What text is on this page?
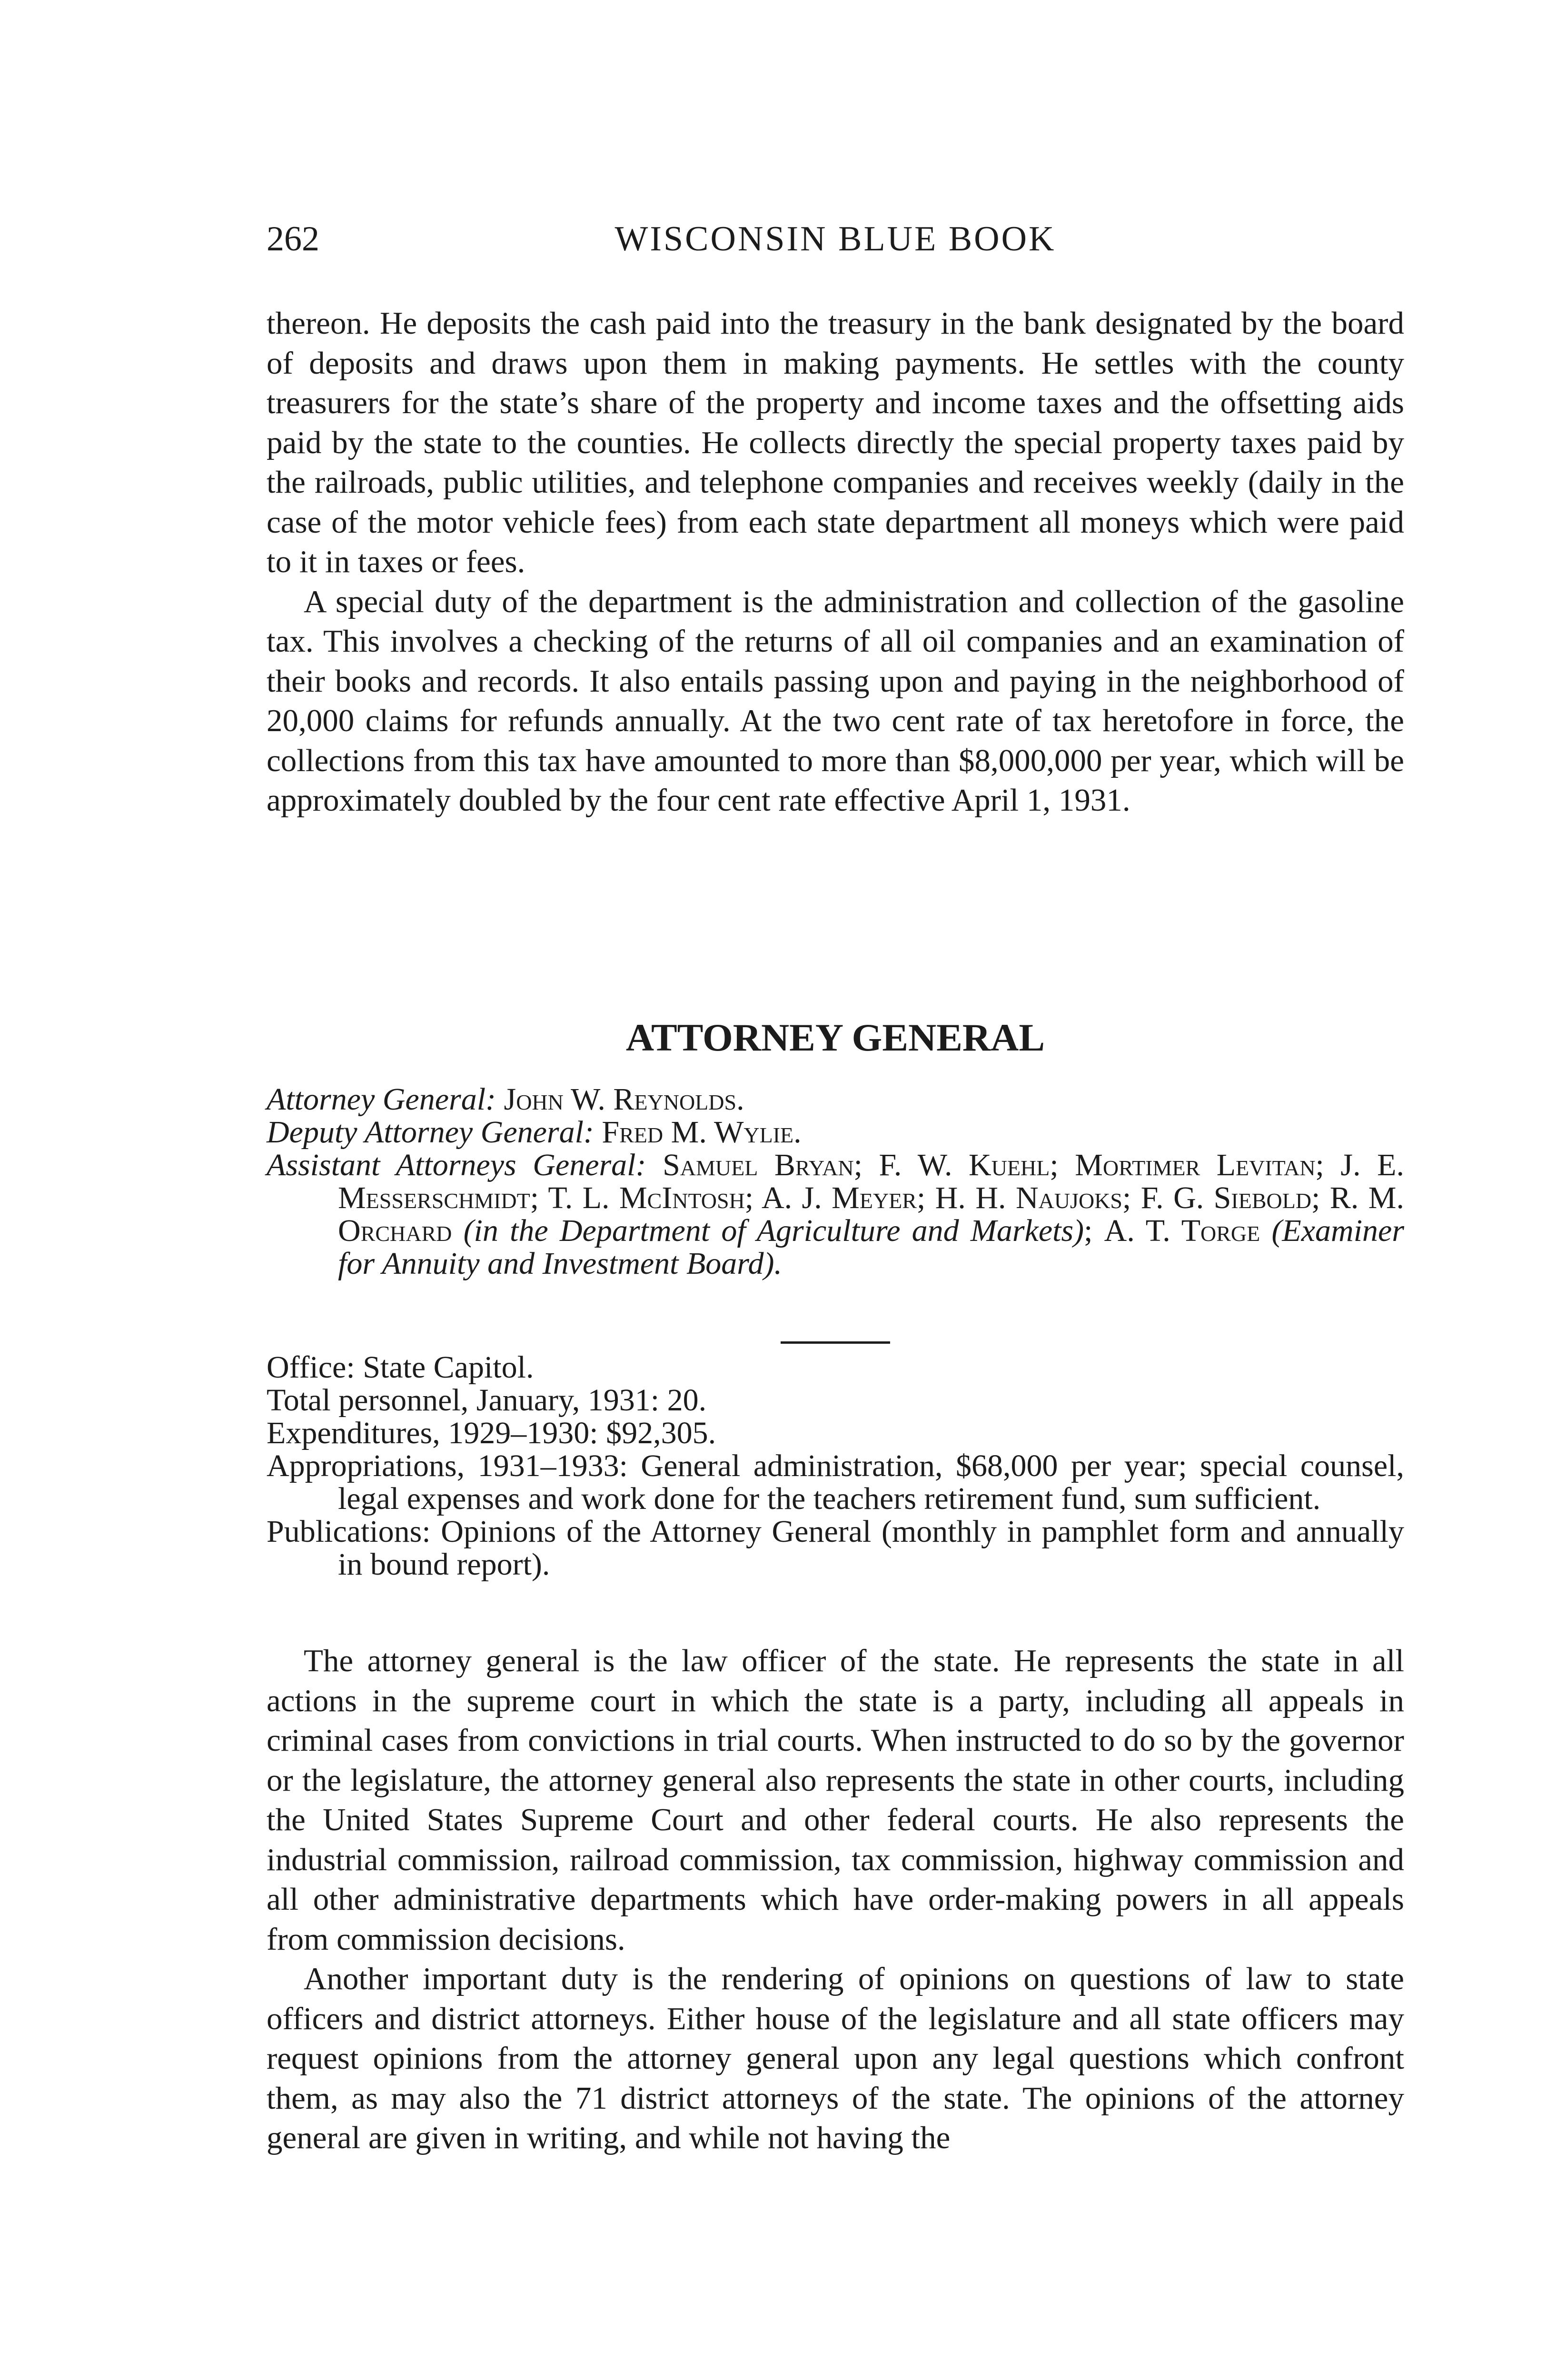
262	WISCONSIN BLUE BOOK

thereon. He deposits the cash paid into the treasury in the bank designated by the board of deposits and draws upon them in making payments. He settles with the county treasurers for the state’s share of the property and income taxes and the offsetting aids paid by the state to the counties. He collects directly the special property taxes paid by the railroads, public utilities, and telephone companies and receives weekly (daily in the case of the motor vehicle fees) from each state department all moneys which were paid to it in taxes or fees.

A special duty of the department is the administration and collection of the gasoline tax. This involves a checking of the returns of all oil companies and an examination of their books and records. It also entails passing upon and paying in the neighborhood of 20,000 claims for refunds annually. At the two cent rate of tax heretofore in force, the collections from this tax have amounted to more than $8,000,000 per year, which will be approximately doubled by the four cent rate effective April 1, 1931.

ATTORNEY GENERAL
Attorney General: John W. Reynolds.
Deputy Attorney General: Fred M. Wylie.
Assistant Attorneys General: Samuel Bryan; F. W. Kuehl; Mortimer Levitan; J. E. Messerschmidt; T. L. McIntosh; A. J. Meyer; H. H. Naujoks; F. G. Siebold; R. M. Orchard (in the Department of Agriculture and Markets); A. T. Torge (Examiner for Annuity and Investment Board).
Office: State Capitol.
Total personnel, January, 1931: 20.
Expenditures, 1929–1930: $92,305.
Appropriations, 1931–1933: General administration, $68,000 per year; special counsel, legal expenses and work done for the teachers retirement fund, sum sufficient.
Publications: Opinions of the Attorney General (monthly in pamphlet form and annually in bound report).

The attorney general is the law officer of the state. He represents the state in all actions in the supreme court in which the state is a party, including all appeals in criminal cases from convictions in trial courts. When instructed to do so by the governor or the legislature, the attorney general also represents the state in other courts, including the United States Supreme Court and other federal courts. He also represents the industrial commission, railroad commission, tax commission, highway commission and all other administrative departments which have order-making powers in all appeals from commission decisions.

Another important duty is the rendering of opinions on questions of law to state officers and district attorneys. Either house of the legislature and all state officers may request opinions from the attorney general upon any legal questions which confront them, as may also the 71 district attorneys of the state. The opinions of the attorney general are given in writing, and while not having the
